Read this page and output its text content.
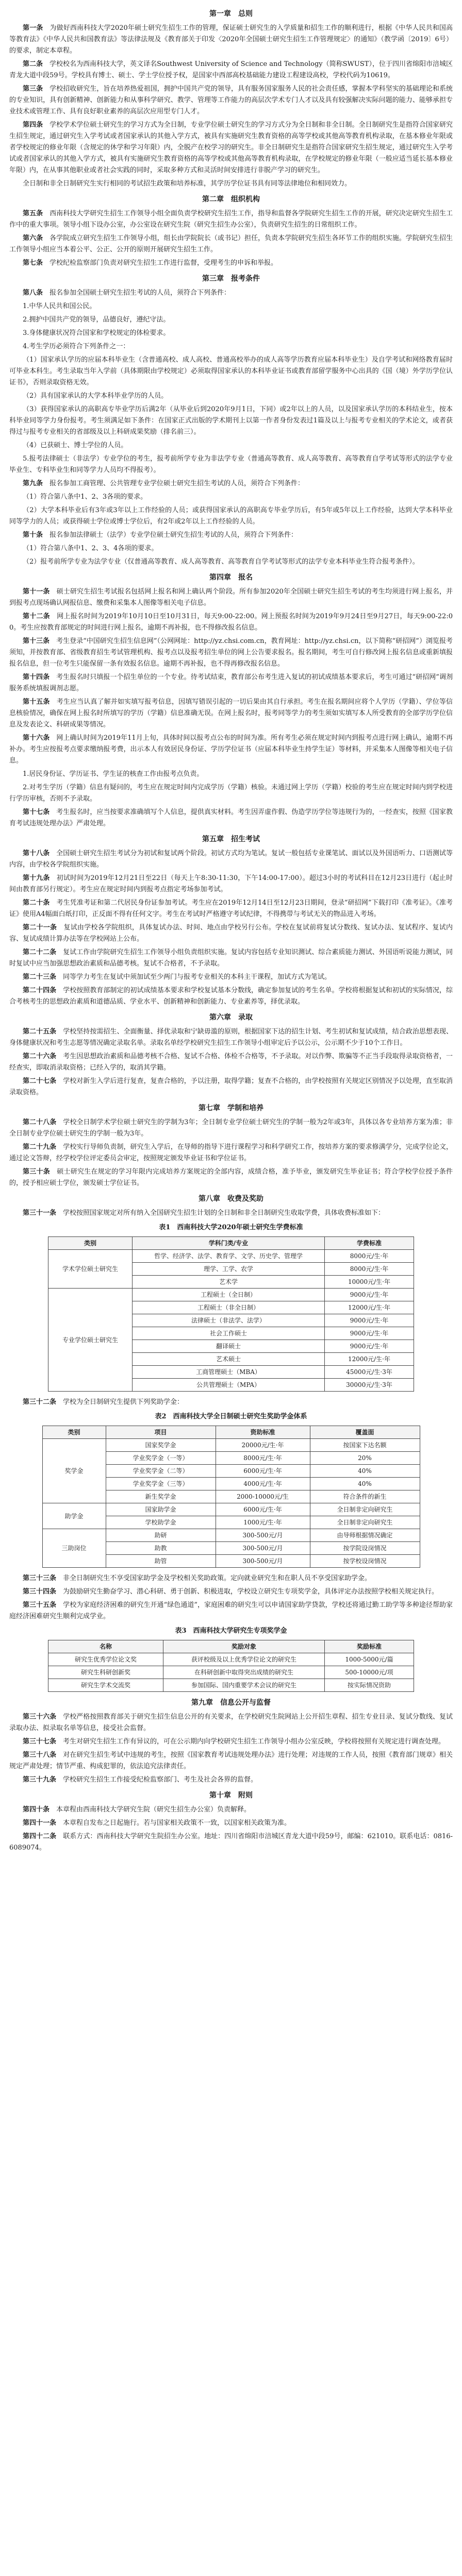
第一章　总则

第一条　为做好西南科技大学2020年硕士研究生招生工作的管理，保证硕士研究生的入学质量和招生工作的顺利进行，根据《中华人民共和国高等教育法》《中华人民共和国教育法》等法律法规及《教育部关于印发〈2020年全国硕士研究生招生工作管理规定〉的通知》（教学函〔2019〕6号）的要求，制定本章程。

第二条　学校校名为西南科技大学，英文译名Southwest University of Science and Technology（简称SWUST），位于四川省绵阳市涪城区青龙大道中段59号。学校具有博士、硕士、学士学位授予权，是国家中西部高校基础能力建设工程建设高校，学校代码为10619。

第三条　学校招收研究生，旨在培养热爱祖国，拥护中国共产党的领导，具有服务国家服务人民的社会责任感，掌握本学科坚实的基础理论和系统的专业知识，具有创新精神、创新能力和从事科学研究、教学、管理等工作能力的高层次学术专门人才以及具有较强解决实际问题的能力、能够承担专业技术或管理工作、具有良好职业素养的高层次应用型专门人才。

第四条　学校学术学位硕士研究生的学习方式为全日制，专业学位硕士研究生的学习方式分为全日制和非全日制。全日制研究生是指符合国家研究生招生规定，通过研究生入学考试或者国家承认的其他入学方式，被具有实施研究生教育资格的高等学校或其他高等教育机构录取，在基本修业年限或者学校规定的修业年限（含规定的休学和学习年限）内，全脱产在校学习的研究生。非全日制研究生是指符合国家研究生招生规定，通过研究生入学考试或者国家承认的其他入学方式，被具有实施研究生教育资格的高等学校或其他高等教育机构录取，在学校规定的修业年限（一般应适当延长基本修业年限）内，在从事其他职业或者社会实践的同时，采取多种方式和灵活时间安排进行非脱产学习的研究生。

全日制和非全日制研究生实行相同的考试招生政策和培养标准，其学历学位证书具有同等法律地位和相同效力。

第二章　组织机构

第五条　西南科技大学研究生招生工作领导小组全面负责学校研究生招生工作，指导和监督各学院研究生招生工作的开展，研究决定研究生招生工作中的重大事项。领导小组下设办公室，办公室设在研究生院（研究生招生办公室），负责研究生招生的日常组织工作。

第六条　各学院成立研究生招生工作领导小组，组长由学院院长（或书记）担任，负责本学院研究生招生各环节工作的组织实施。学院研究生招生工作领导小组应当本着公平、公正、公开的原则开展研究生招生工作。

第七条　学校纪检监察部门负责对研究生招生工作进行监督，受理考生的申诉和举报。

第三章　报考条件

第八条　报名参加全国硕士研究生招生考试的人员，须符合下列条件：

1.中华人民共和国公民。

2.拥护中国共产党的领导，品德良好，遵纪守法。

3.身体健康状况符合国家和学校规定的体检要求。

4.考生学历必须符合下列条件之一：

（1）国家承认学历的应届本科毕业生（含普通高校、成人高校、普通高校举办的成人高等学历教育应届本科毕业生）及自学考试和网络教育届时可毕业本科生。考生录取当年入学前（具体期限由学校规定）必须取得国家承认的本科毕业证书或教育部留学服务中心出具的《国（境）外学历学位认证书》，否则录取资格无效。

（2）具有国家承认的大学本科毕业学历的人员。

（3）获得国家承认的高职高专毕业学历后满2年（从毕业后到2020年9月1日，下同）或2年以上的人员，以及国家承认学历的本科结业生，按本科毕业同等学力身份报考。考生须满足如下条件：在国家正式出版的学术期刊上以第一作者身份发表过1篇及以上与报考专业相关的学术论文，或者获得过与报考专业相关的省部级及以上科研成果奖励（排名前三）。

（4）已获硕士、博士学位的人员。

5.报考法律硕士（非法学）专业学位的考生，报考前所学专业为非法学专业（普通高等教育、成人高等教育、高等教育自学考试等形式的法学专业毕业生、专科毕业生和同等学力人员均不得报考）。

第九条　报名参加工商管理、公共管理专业学位硕士研究生招生考试的人员，须符合下列条件：

（1）符合第八条中1、2、3各项的要求。

（2）大学本科毕业后有3年或3年以上工作经验的人员；或获得国家承认的高职高专毕业学历后，有5年或5年以上工作经验，达到大学本科毕业同等学力的人员；或获得硕士学位或博士学位后，有2年或2年以上工作经验的人员。

第十条　报名参加法律硕士（法学）专业学位硕士研究生招生考试的人员，须符合下列条件：

（1）符合第八条中1、2、3、4各项的要求。

（2）报考前所学专业为法学专业（仅普通高等教育、成人高等教育、高等教育自学考试等形式的法学专业本科毕业生符合报考条件）。

第四章　报名

第十一条　硕士研究生招生考试报名包括网上报名和网上确认两个阶段。所有参加2020年全国硕士研究生招生考试的考生均须进行网上报名，并到报考点现场确认网报信息、缴费和采集本人图像等相关电子信息。

第十二条　网上报名时间为2019年10月10日至10月31日，每天9:00-22:00。网上预报名时间为2019年9月24日至9月27日，每天9:00-22:00。考生应按教育部规定的时间进行网上报名，逾期不再补报，也不得修改报名信息。

第十三条　考生登录“中国研究生招生信息网”（公网网址：http://yz.chsi.com.cn，教育网址：http://yz.chsi.cn，以下简称“研招网”）浏览报考须知，并按教育部、省级教育招生考试管理机构、报考点以及报考招生单位的网上公告要求报名。报名期间，考生可自行修改网上报名信息或重新填报报名信息，但一位考生只能保留一条有效报名信息。逾期不再补报，也不得再修改报名信息。

第十四条　考生报名时只填报一个招生单位的一个专业。待考试结束，教育部公布考生进入复试的初试成绩基本要求后，考生可通过“研招网”调剂服务系统填报调剂志愿。

第十五条　考生应当认真了解并如实填写报考信息，因填写错误引起的一切后果由其自行承担。考生在报名期间应将个人学历（学籍）、学位等信息核验情况，确保在网上报名时所填写的学历（学籍）信息准确无误。在网上报名时，报考同等学力的考生须如实填写本人所受教育的全部学历学位信息及发表论文、科研成果等情况。

第十六条　网上确认时间为2019年11月上旬，具体时间以报考点公布的时间为准。所有考生必须在规定时间内到报考点进行网上确认，逾期不再补办。考生应按报考点要求缴纳报考费，出示本人有效居民身份证、学历学位证书（应届本科毕业生持学生证）等材料，并采集本人图像等相关电子信息。

1.居民身份证、学历证书、学生证的核查工作由报考点负责。

2.对考生学历（学籍）信息有疑问的，考生应在规定时间内完成学历（学籍）核验。未通过网上学历（学籍）校验的考生应在规定时间内到学校进行学历审核，否则不予录取。

第十七条　考生报名时，应当按要求准确填写个人信息，提供真实材料。考生因弄虚作假、伪造学历学位等违规行为的，一经查实，按照《国家教育考试违规处理办法》严肃处理。

第五章　招生考试

第十八条　全国硕士研究生招生考试分为初试和复试两个阶段。初试方式均为笔试。复试一般包括专业课笔试、面试以及外国语听力、口语测试等内容，由学校各学院组织实施。

第十九条　初试时间为2019年12月21日至22日（每天上午8:30-11:30，下午14:00-17:00）。超过3小时的考试科目在12月23日进行（起止时间由教育部另行规定）。考生应在规定时间内到报考点指定考场参加考试。

第二十条　考生凭准考证和第二代居民身份证参加考试。考生应在2019年12月14日至12月23日期间，登录“研招网”下载打印《准考证》。《准考证》使用A4幅面白纸打印，正反面不得有任何文字。考生在考试时严格遵守考试纪律，不得携带与考试无关的物品进入考场。

第二十一条　复试由学校各学院组织，具体复试办法、时间、地点由学校另行公布。学校在复试前将复试分数线、复试办法、复试程序、复试内容、复试成绩计算办法等在学校网站上公布。

第二十二条　复试工作由学院研究生招生工作领导小组负责组织实施。复试内容包括专业知识测试、综合素质能力测试、外国语听说能力测试，同时复试中应当加强思想政治素质和品德考核。复试不合格者，不予录取。

第二十三条　同等学力考生在复试中须加试至少两门与报考专业相关的本科主干课程，加试方式为笔试。

第二十四条　学校按照教育部制定的初试成绩基本要求和学校复试基本分数线，确定参加复试的考生名单。学校将根据复试和初试的实际情况，综合考核考生的思想政治素质和道德品质、学业水平、创新精神和创新能力、专业素养等，择优录取。

第六章　录取

第二十五条　学校坚持按需招生、全面衡量、择优录取和宁缺毋滥的原则，根据国家下达的招生计划、考生初试和复试成绩，结合政治思想表现、身体健康状况和考生志愿等情况确定录取名单。录取名单经学校研究生招生工作领导小组审定后予以公示，公示期不少于10个工作日。

第二十六条　考生因思想政治素质和品德考核不合格、复试不合格、体检不合格等，不予录取。对以作弊、欺骗等不正当手段取得录取资格者，一经查实，即取消录取资格；已经入学的，取消其学籍。

第二十七条　学校对新生入学后进行复查，复查合格的，予以注册，取得学籍；复查不合格的，由学校按照有关规定区别情况予以处理，直至取消录取资格。

第七章　学制和培养

第二十八条　学校全日制学术学位硕士研究生的学制为3年；全日制专业学位硕士研究生的学制一般为2年或3年，具体以各专业培养方案为准；非全日制专业学位硕士研究生的学制一般为3年。

第二十九条　学校实行导师负责制，研究生入学后，在导师的指导下进行课程学习和科学研究工作，按培养方案的要求修满学分，完成学位论文，通过论文答辩，经学校学位评定委员会审定，按照规定颁发毕业证书和学位证书。

第三十条　硕士研究生在规定的学习年限内完成培养方案规定的全部内容，成绩合格，准予毕业，颁发研究生毕业证书；符合学校学位授予条件的，授予相应硕士学位，颁发硕士学位证书。

第八章　收费及奖助

第三十一条　学校按照国家规定对所有纳入全国研究生招生计划的全日制和非全日制研究生收取学费，具体收费标准如下：

表1　西南科技大学2020年硕士研究生学费标准
类别	学科门类/专业	学费标准
学术学位硕士研究生	哲学、经济学、法学、教育学、文学、历史学、管理学	8000元/生·年
	理学、工学、农学	8000元/生·年
	艺术学	10000元/生·年
专业学位硕士研究生	工程硕士（全日制）	9000元/生·年
	工程硕士（非全日制）	12000元/生·年
	法律硕士（非法学、法学）	9000元/生·年
	社会工作硕士	9000元/生·年
	翻译硕士	9000元/生·年
	艺术硕士	12000元/生·年
	工商管理硕士（MBA）	45000元/生·3年
	公共管理硕士（MPA）	30000元/生·3年

第三十二条　学校为全日制研究生提供下列奖助学金：

表2　西南科技大学全日制硕士研究生奖助学金体系
类别	项目	资助标准	覆盖面
奖学金	国家奖学金	20000元/生·年	按国家下达名额
	学业奖学金（一等）	8000元/生·年	20%
	学业奖学金（二等）	6000元/生·年	40%
	学业奖学金（三等）	4000元/生·年	40%
	新生奖学金	2000-10000元/生	符合条件的新生
助学金	国家助学金	6000元/生·年	全日制非定向研究生
	学校助学金	1000元/生·年	全日制非定向研究生
三助岗位	助研	300-500元/月	由导师根据情况确定
	助教	300-500元/月	按学院设岗情况
	助管	300-500元/月	按学校设岗情况

第三十三条　非全日制研究生不享受国家助学金及学校相关奖助政策。定向就业研究生和在职人员不享受国家助学金。

第三十四条　为鼓励研究生勤奋学习、潜心科研、勇于创新、积极进取，学校设立研究生专项奖学金，具体评定办法按照学校相关规定执行。

第三十五条　学校为家庭经济困难的研究生开通“绿色通道”，家庭困难的研究生可以申请国家助学贷款，学校还将通过勤工助学等多种途径帮助家庭经济困难研究生顺利完成学业。

表3　西南科技大学研究生专项奖学金
名称	奖励对象	奖励标准
研究生优秀学位论文奖	获评校级及以上优秀学位论文的研究生	1000-5000元/篇
研究生科研创新奖	在科研创新中取得突出成绩的研究生	500-10000元/项
研究生学术交流奖	参加国际、国内重要学术会议的研究生	按实际情况资助
第九章　信息公开与监督

第三十六条　学校严格按照教育部关于研究生招生信息公开的有关要求，在学校研究生院网站上公开招生章程、招生专业目录、复试分数线、复试录取办法、拟录取名单等信息，接受社会监督。

第三十七条　考生对研究生招生工作有异议的，可在公示期内向学校研究生招生工作领导小组办公室反映，学校将按照有关规定进行调查处理。

第三十八条　对在研究生招生考试中违规的考生，按照《国家教育考试违规处理办法》进行处理；对违规的工作人员，按照《教育部门规章》相关规定严肃处理；情节严重、构成犯罪的，依法追究法律责任。

第三十九条　学校研究生招生工作接受纪检监察部门、考生及社会各界的监督。

第十章　附则

第四十条　本章程由西南科技大学研究生院（研究生招生办公室）负责解释。

第四十一条　本章程自发布之日起施行。若与国家相关政策不一致，以国家相关政策为准。

第四十二条　联系方式：西南科技大学研究生院招生办公室。地址：四川省绵阳市涪城区青龙大道中段59号，邮编：621010。联系电话：0816-6089074。
